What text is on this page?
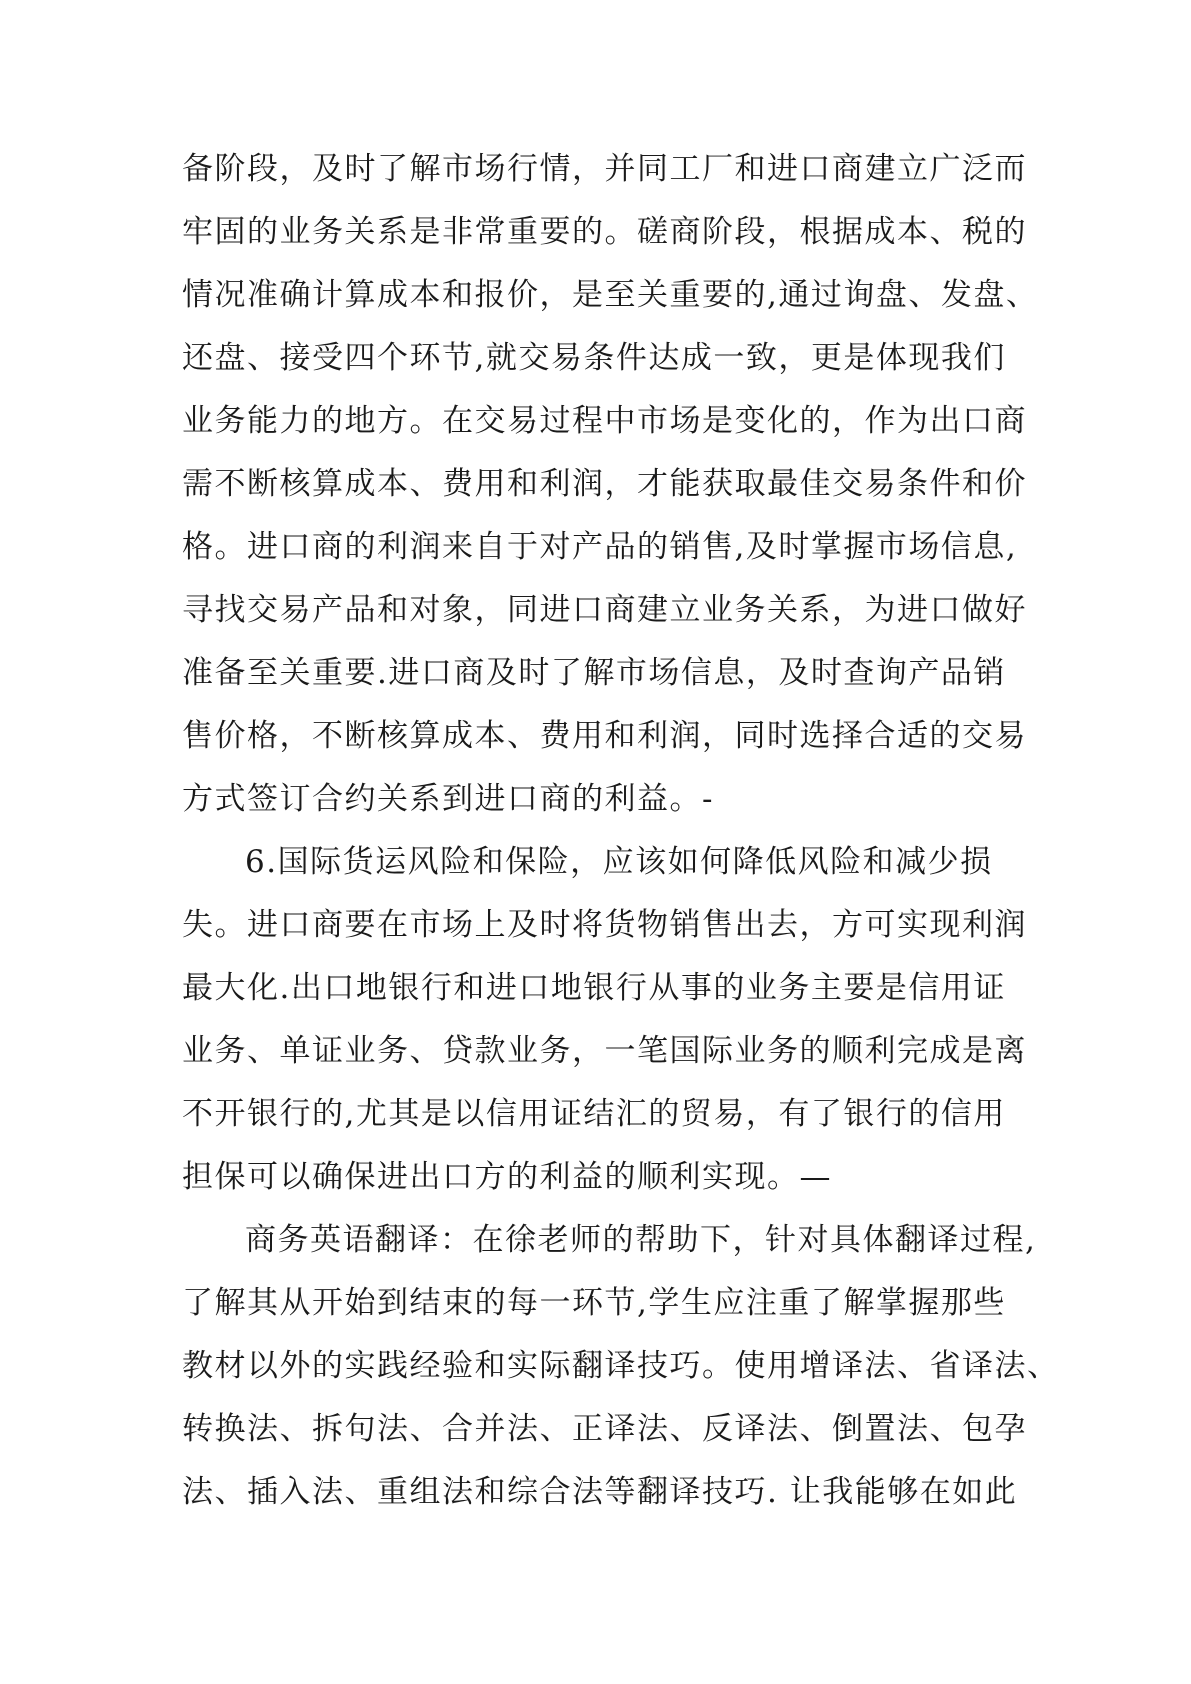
备阶段，及时了解市场行情，并同工厂和进口商建立广泛而
牢固的业务关系是非常重要的。磋商阶段，根据成本、税的
情况准确计算成本和报价，是至关重要的,通过询盘、发盘、
还盘、接受四个环节,就交易条件达成一致，更是体现我们
业务能力的地方。在交易过程中市场是变化的，作为出口商
需不断核算成本、费用和利润，才能获取最佳交易条件和价
格。进口商的利润来自于对产品的销售,及时掌握市场信息,
寻找交易产品和对象，同进口商建立业务关系，为进口做好
准备至关重要.进口商及时了解市场信息，及时查询产品销
售价格，不断核算成本、费用和利润，同时选择合适的交易
方式签订合约关系到进口商的利益。-
6.国际货运风险和保险，应该如何降低风险和减少损
失。进口商要在市场上及时将货物销售出去，方可实现利润
最大化.出口地银行和进口地银行从事的业务主要是信用证
业务、单证业务、贷款业务，一笔国际业务的顺利完成是离
不开银行的,尤其是以信用证结汇的贸易，有了银行的信用
担保可以确保进出口方的利益的顺利实现。—
商务英语翻译：在徐老师的帮助下，针对具体翻译过程,
了解其从开始到结束的每一环节,学生应注重了解掌握那些
教材以外的实践经验和实际翻译技巧。使用增译法、省译法、
转换法、拆句法、合并法、正译法、反译法、倒置法、包孕
法、插入法、重组法和综合法等翻译技巧. 让我能够在如此
